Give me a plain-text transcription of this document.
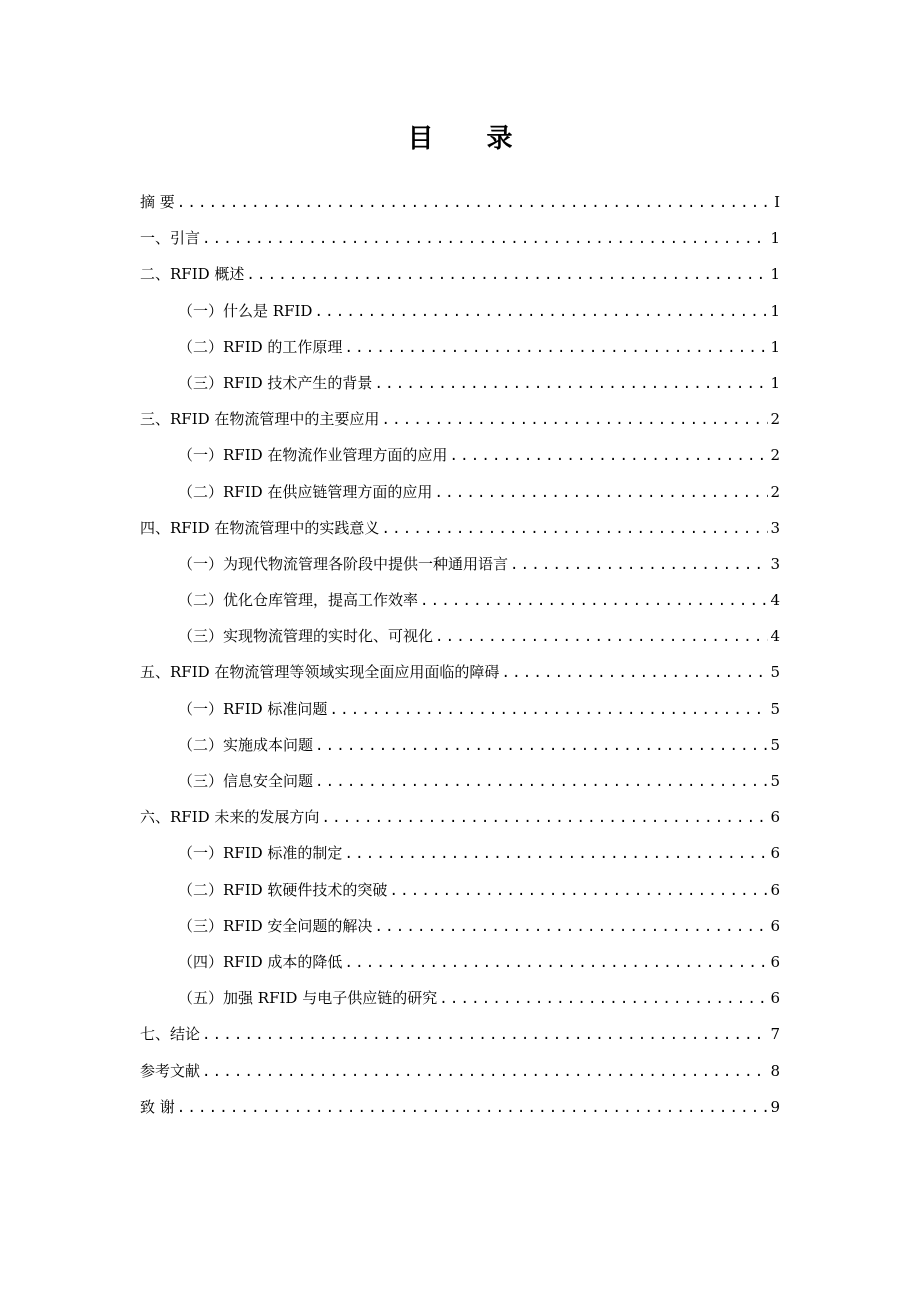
目 录
摘 要 .....	I
一、引言 .....	1
二、RFID 概述 .....	1
（一）什么是 RFID .....	1
（二）RFID 的工作原理 .....	1
（三）RFID 技术产生的背景 .....	1
三、RFID 在物流管理中的主要应用 .....	2
（一）RFID 在物流作业管理方面的应用 .....	2
（二）RFID 在供应链管理方面的应用 .....	2
四、RFID 在物流管理中的实践意义 .....	3
（一）为现代物流管理各阶段中提供一种通用语言 .....	3
（二）优化仓库管理，提高工作效率 .....	4
（三）实现物流管理的实时化、可视化 .....	4
五、RFID 在物流管理等领域实现全面应用面临的障碍 .....	5
（一）RFID 标准问题 .....	5
（二）实施成本问题 .....	5
（三）信息安全问题 .....	5
六、RFID 未来的发展方向 .....	6
（一）RFID 标准的制定 .....	6
（二）RFID 软硬件技术的突破 .....	6
（三）RFID 安全问题的解决 .....	6
（四）RFID 成本的降低 .....	6
（五）加强 RFID 与电子供应链的研究 .....	6
七、结论 .....	7
参考文献 .....	8
致 谢 .....	9
